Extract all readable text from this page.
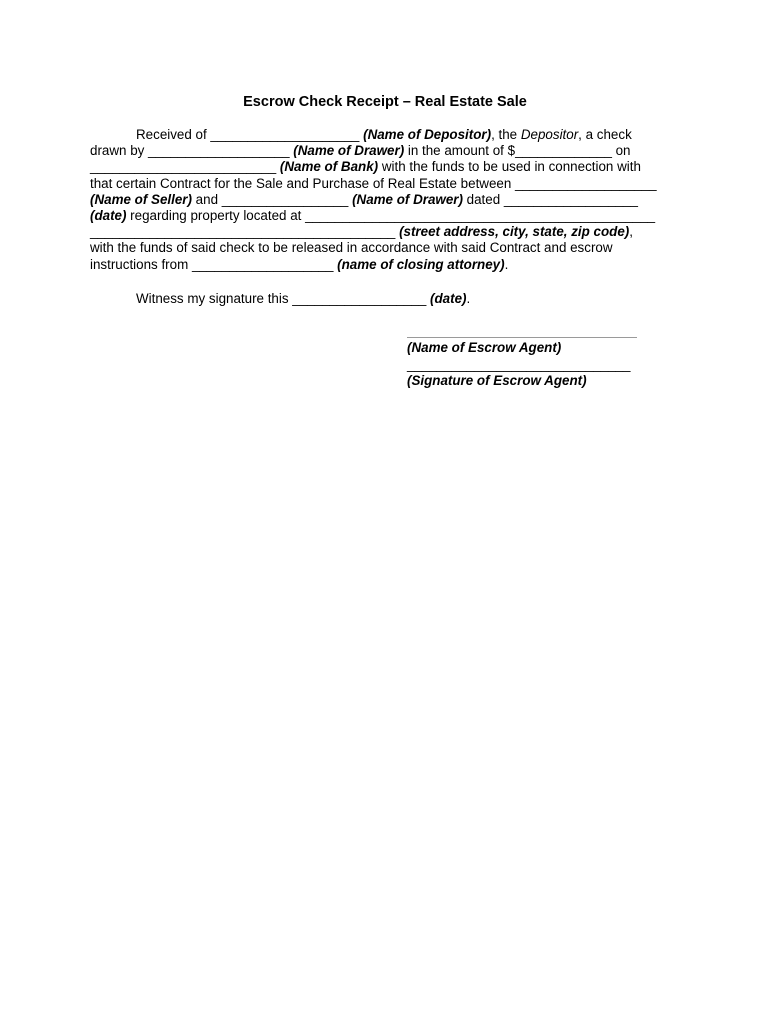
Escrow Check Receipt – Real Estate Sale
Received of ____________________ (Name of Depositor), the Depositor, a check
drawn by ___________________ (Name of Drawer) in the amount of $_____________ on
_________________________ (Name of Bank) with the funds to be used in connection with
that certain Contract for the Sale and Purchase of Real Estate between ___________________
(Name of Seller) and _________________ (Name of Drawer) dated __________________
(date) regarding property located at _______________________________________________
_________________________________________ (street address, city, state, zip code),
with the funds of said check to be released in accordance with said Contract and escrow
instructions from ___________________ (name of closing attorney).
Witness my signature this __________________ (date).
(Name of Escrow Agent)
______________________________
(Signature of Escrow Agent)
